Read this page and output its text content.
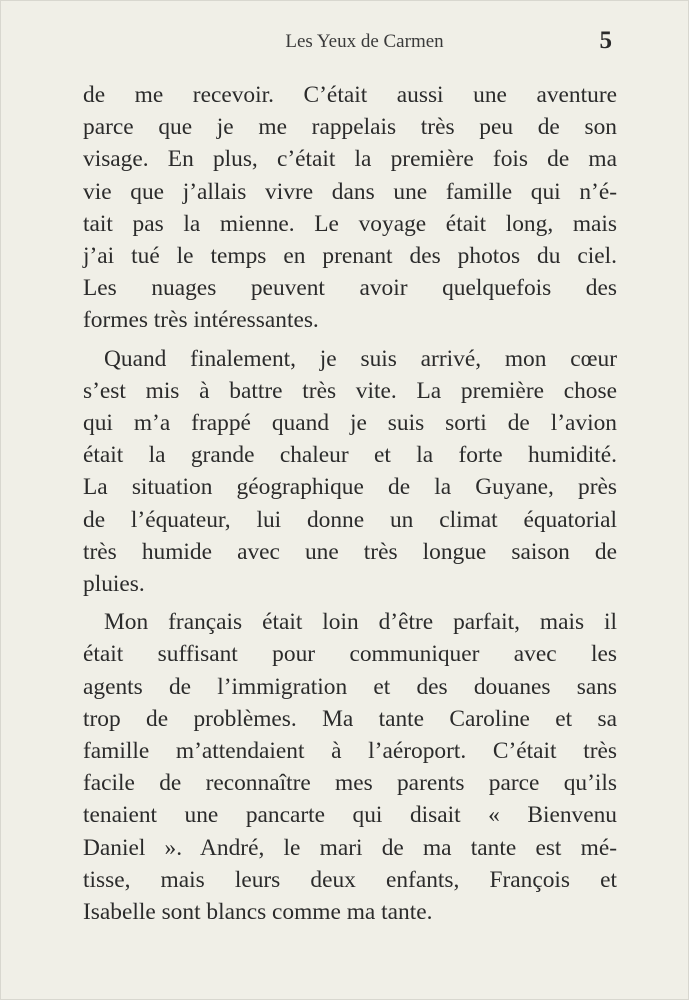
Les Yeux de Carmen	5
de me recevoir. C’était aussi une aventure
parce que je me rappelais très peu de son
visage. En plus, c’était la première fois de ma
vie que j’allais vivre dans une famille qui n’é-
tait pas la mienne. Le voyage était long, mais
j’ai tué le temps en prenant des photos du ciel.
Les nuages peuvent avoir quelquefois des
formes très intéressantes.
Quand finalement, je suis arrivé, mon cœur
s’est mis à battre très vite. La première chose
qui m’a frappé quand je suis sorti de l’avion
était la grande chaleur et la forte humidité.
La situation géographique de la Guyane, près
de l’équateur, lui donne un climat équatorial
très humide avec une très longue saison de
pluies.
Mon français était loin d’être parfait, mais il
était suffisant pour communiquer avec les
agents de l’immigration et des douanes sans
trop de problèmes. Ma tante Caroline et sa
famille m’attendaient à l’aéroport. C’était très
facile de reconnaître mes parents parce qu’ils
tenaient une pancarte qui disait « Bienvenu
Daniel ». André, le mari de ma tante est mé-
tisse, mais leurs deux enfants, François et
Isabelle sont blancs comme ma tante.
